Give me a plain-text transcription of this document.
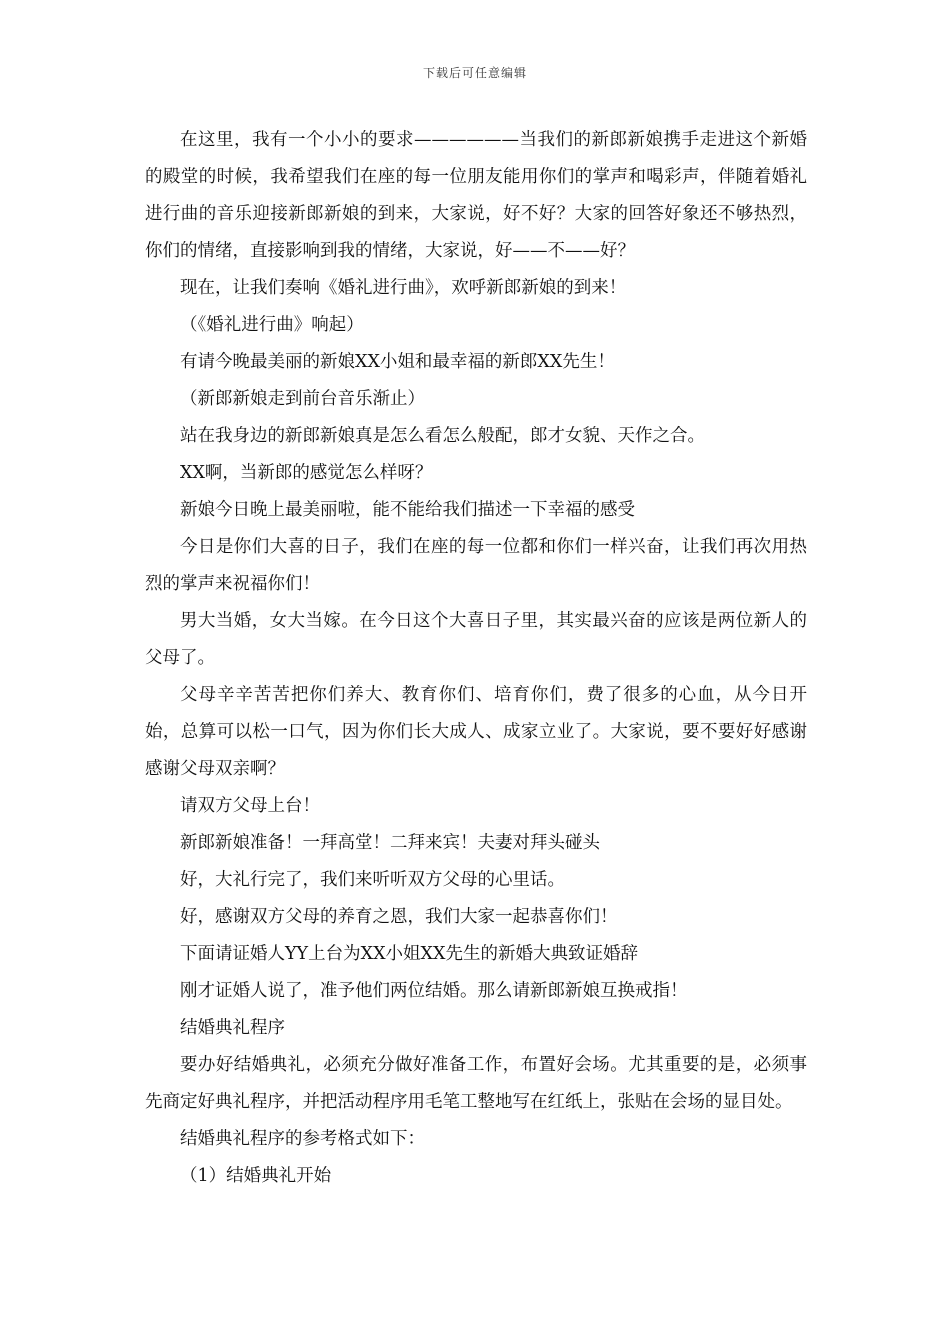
下载后可任意编辑

在这里，我有一个小小的要求——————当我们的新郎新娘携手走进这个新婚的殿堂的时候，我希望我们在座的每一位朋友能用你们的掌声和喝彩声，伴随着婚礼进行曲的音乐迎接新郎新娘的到来，大家说，好不好？大家的回答好象还不够热烈，你们的情绪，直接影响到我的情绪，大家说，好——不——好？

现在，让我们奏响《婚礼进行曲》，欢呼新郎新娘的到来！

（《婚礼进行曲》响起）

有请今晚最美丽的新娘XX小姐和最幸福的新郎XX先生！

（新郎新娘走到前台音乐渐止）

站在我身边的新郎新娘真是怎么看怎么般配，郎才女貌、天作之合。

XX啊，当新郎的感觉怎么样呀？

新娘今日晚上最美丽啦，能不能给我们描述一下幸福的感受

今日是你们大喜的日子，我们在座的每一位都和你们一样兴奋，让我们再次用热烈的掌声来祝福你们！

男大当婚，女大当嫁。在今日这个大喜日子里，其实最兴奋的应该是两位新人的父母了。

父母辛辛苦苦把你们养大、教育你们、培育你们，费了很多的心血，从今日开始，总算可以松一口气，因为你们长大成人、成家立业了。大家说，要不要好好感谢感谢父母双亲啊？

请双方父母上台！

新郎新娘准备！一拜高堂！二拜来宾！夫妻对拜头碰头

好，大礼行完了，我们来听听双方父母的心里话。

好，感谢双方父母的养育之恩，我们大家一起恭喜你们！

下面请证婚人YY上台为XX小姐XX先生的新婚大典致证婚辞

刚才证婚人说了，准予他们两位结婚。那么请新郎新娘互换戒指！

结婚典礼程序

要办好结婚典礼，必须充分做好准备工作，布置好会场。尤其重要的是，必须事先商定好典礼程序，并把活动程序用毛笔工整地写在红纸上，张贴在会场的显目处。

结婚典礼程序的参考格式如下：

（1）结婚典礼开始
